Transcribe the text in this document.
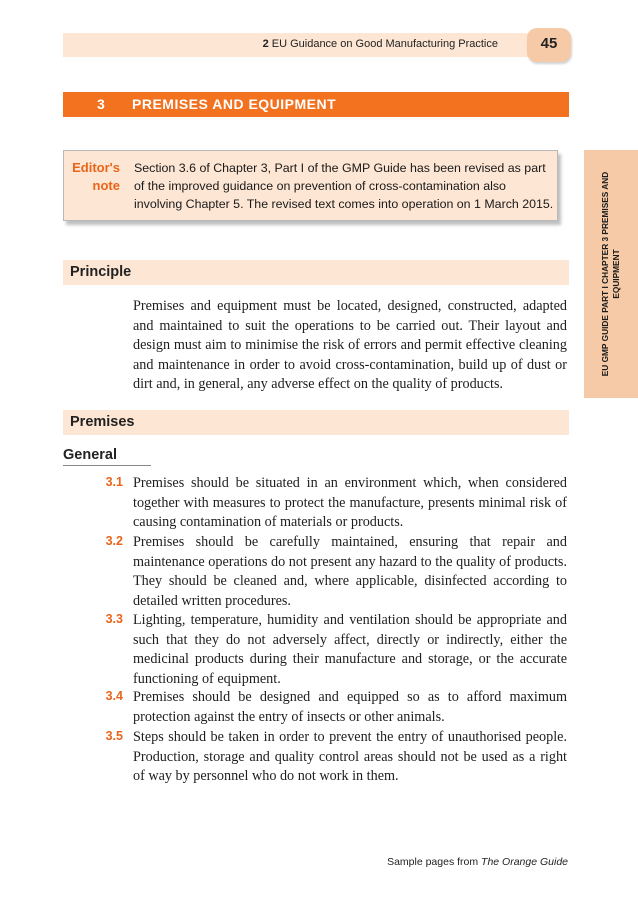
2 EU Guidance on Good Manufacturing Practice	45
3 PREMISES AND EQUIPMENT
Editor's
note
Section 3.6 of Chapter 3, Part I of the GMP Guide has been revised as part of the improved guidance on prevention of cross-contamination also involving Chapter 5. The revised text comes into operation on 1 March 2015.
Principle
Premises and equipment must be located, designed, constructed, adapted and maintained to suit the operations to be carried out. Their layout and design must aim to minimise the risk of errors and permit effective cleaning and maintenance in order to avoid cross-contamination, build up of dust or dirt and, in general, any adverse effect on the quality of products.
Premises
General
3.1 Premises should be situated in an environment which, when considered together with measures to protect the manufacture, presents minimal risk of causing contamination of materials or products.
3.2 Premises should be carefully maintained, ensuring that repair and maintenance operations do not present any hazard to the quality of products. They should be cleaned and, where applicable, disinfected according to detailed written procedures.
3.3 Lighting, temperature, humidity and ventilation should be appropriate and such that they do not adversely affect, directly or indirectly, either the medicinal products during their manufacture and storage, or the accurate functioning of equipment.
3.4 Premises should be designed and equipped so as to afford maximum protection against the entry of insects or other animals.
3.5 Steps should be taken in order to prevent the entry of unauthorised people. Production, storage and quality control areas should not be used as a right of way by personnel who do not work in them.
EU GMP GUIDE PART I CHAPTER 3 PREMISES AND EQUIPMENT
Sample pages from The Orange Guide
